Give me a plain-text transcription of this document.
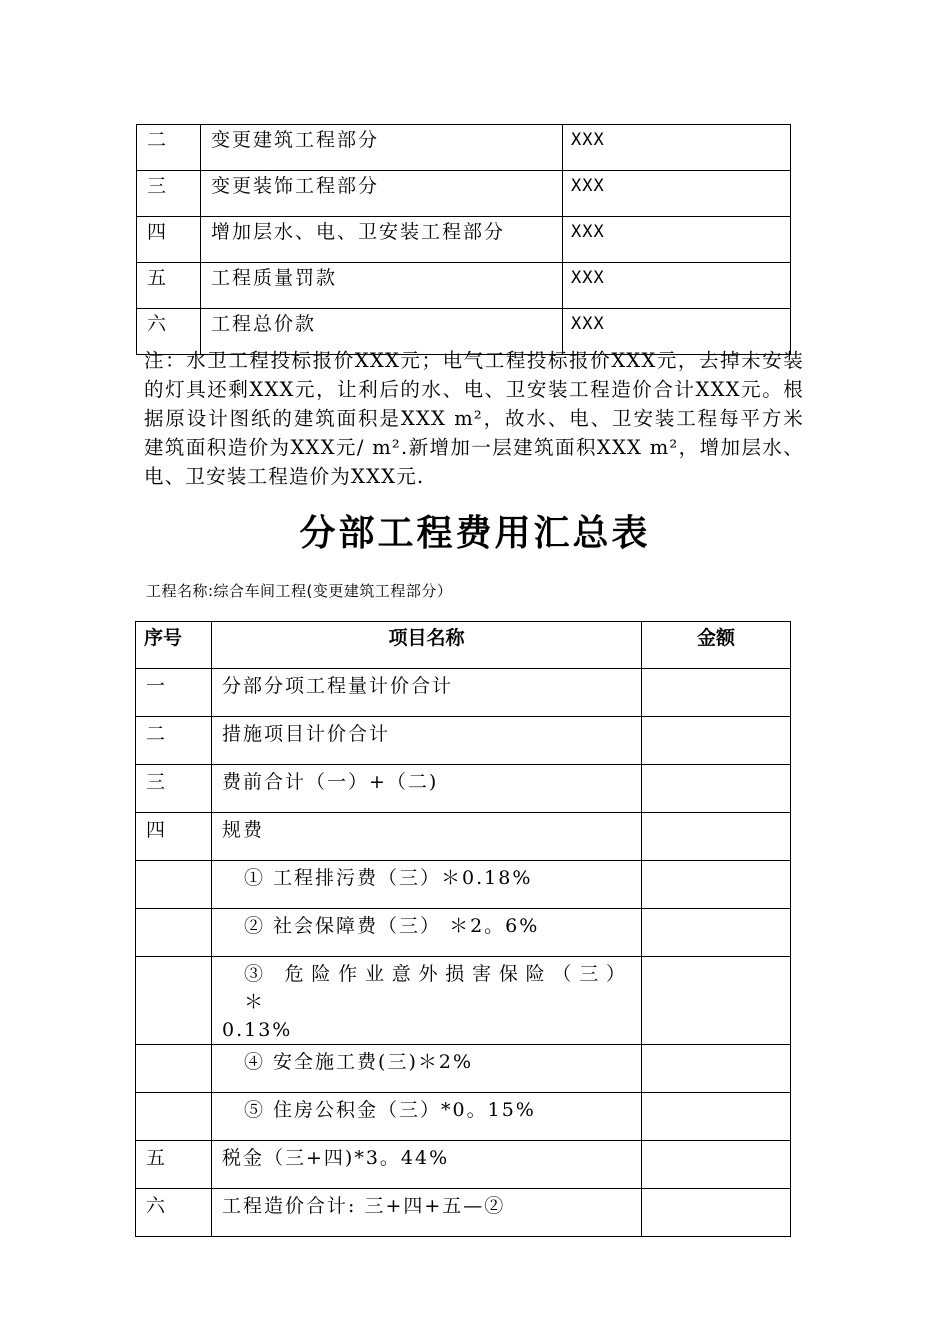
二	变更建筑工程部分	XXX
三	变更装饰工程部分	XXX
四	增加层水、电、卫安装工程部分	XXX
五	工程质量罚款	XXX
六	工程总价款	XXX
注：水卫工程投标报价XXX元；电气工程投标报价XXX元，去掉未安装的灯具还剩XXX元，让利后的水、电、卫安装工程造价合计XXX元。根据原设计图纸的建筑面积是XXX m²，故水、电、卫安装工程每平方米建筑面积造价为XXX元/ m².新增加一层建筑面积XXX m²，增加层水、电、卫安装工程造价为XXX元.
分部工程费用汇总表
工程名称:综合车间工程(变更建筑工程部分）
序号	项目名称	金额
一	分部分项工程量计价合计	
二	措施项目计价合计	
三	费前合计（一）+（二)	
四	规费	
	① 工程排污费（三）＊0.18%	
	② 社会保障费（三） ＊2。6%	
	③ 危险作业意外损害保险（三）＊
0.13%	

	④ 安全施工费(三)＊2%	
	⑤ 住房公积金（三）*0。15%	
五	税金（三+四)*3。44%	
六	工程造价合计: 三+四+五—②	
